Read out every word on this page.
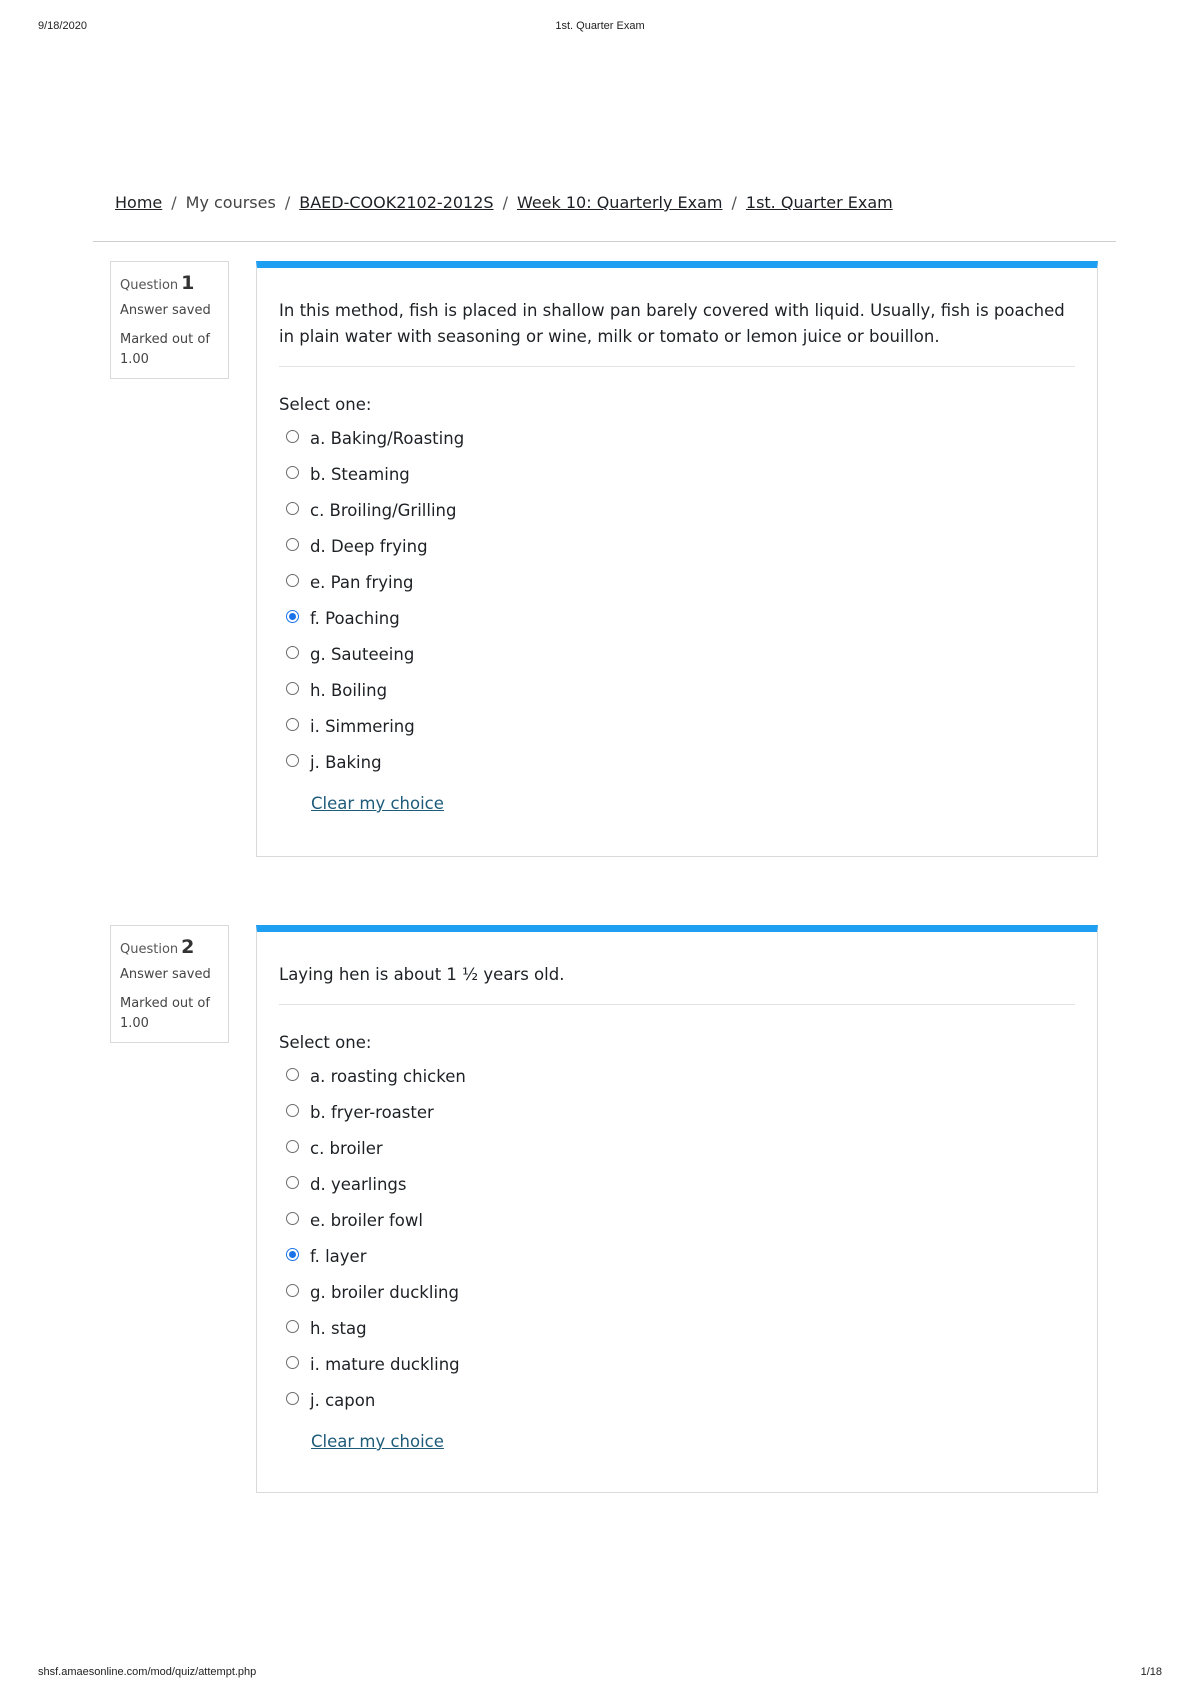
9/18/2020	1st. Quarter Exam
Home / My courses / BAED-COOK2102-2012S / Week 10: Quarterly Exam / 1st. Quarter Exam
Question 1
Answer saved
Marked out of 1.00
In this method, fish is placed in shallow pan barely covered with liquid. Usually, fish is poached in plain water with seasoning or wine, milk or tomato or lemon juice or bouillon.
Select one:
a. Baking/Roasting
b. Steaming
c. Broiling/Grilling
d. Deep frying
e. Pan frying
f. Poaching
g. Sauteeing
h. Boiling
i. Simmering
j. Baking
Clear my choice
Question 2
Answer saved
Marked out of 1.00
Laying hen is about 1 ½ years old.
Select one:
a. roasting chicken
b. fryer-roaster
c. broiler
d. yearlings
e. broiler fowl
f. layer
g. broiler duckling
h. stag
i. mature duckling
j. capon
Clear my choice
shsf.amaesonline.com/mod/quiz/attempt.php	1/18
